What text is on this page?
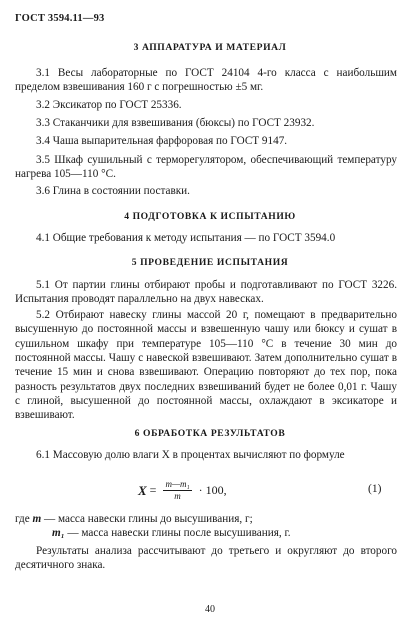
ГОСТ 3594.11—93
3 АППАРАТУРА И МАТЕРИАЛ
3.1 Весы лабораторные по ГОСТ 24104 4-го класса с наибольшим пределом взвешивания 160 г с погрешностью ±5 мг.
3.2 Эксикатор по ГОСТ 25336.
3.3 Стаканчики для взвешивания (бюксы) по ГОСТ 23932.
3.4 Чаша выпарительная фарфоровая по ГОСТ 9147.
3.5 Шкаф сушильный с терморегулятором, обеспечивающий температуру нагрева 105—110 °С.
3.6 Глина в состоянии поставки.
4 ПОДГОТОВКА К ИСПЫТАНИЮ
4.1 Общие требования к методу испытания — по ГОСТ 3594.0
5 ПРОВЕДЕНИЕ ИСПЫТАНИЯ
5.1 От партии глины отбирают пробы и подготавливают по ГОСТ 3226. Испытания проводят параллельно на двух навесках.
5.2 Отбирают навеску глины массой 20 г, помещают в предварительно высушенную до постоянной массы и взвешенную чашу или бюксу и сушат в сушильном шкафу при температуре 105—110 °С в течение 30 мин до постоянной массы. Чашу с навеской взвешивают. Затем дополнительно сушат в течение 15 мин и снова взвешивают. Операцию повторяют до тех пор, пока разность результатов двух последних взвешиваний будет не более 0,01 г. Чашу с глиной, высушенной до постоянной массы, охлаждают в эксикаторе и взвешивают.
6 ОБРАБОТКА РЕЗУЛЬТАТОВ
6.1 Массовую долю влаги X в процентах вычисляют по формуле
$X = \frac{\text{m—m₁}}{m} \cdot 100$,	(1)
где m — масса навески глины до высушивания, г;
m₁ — масса навески глины после высушивания, г.
Результаты анализа рассчитывают до третьего и округляют до второго десятичного знака.
40
